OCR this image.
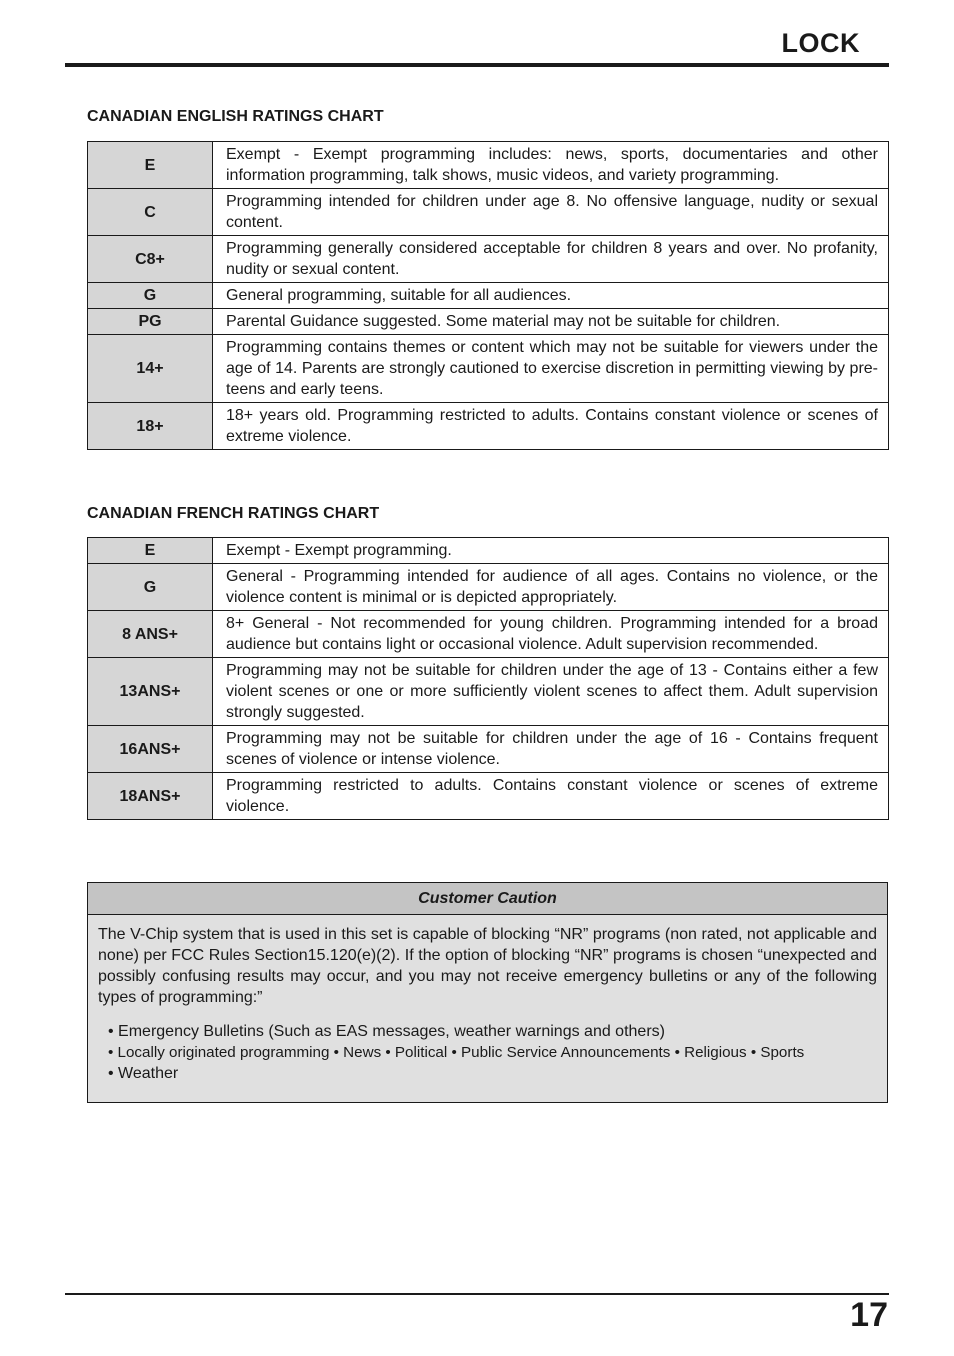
LOCK
CANADIAN ENGLISH RATINGS CHART
E	Exempt - Exempt programming includes: news, sports, documentaries and other information programming, talk shows, music videos, and variety programming.
C	Programming intended for children under age 8. No offensive language, nudity or sexual content.
C8+	Programming generally considered acceptable for children 8 years and over. No profanity, nudity or sexual content.
G	General programming, suitable for all audiences.
PG	Parental Guidance suggested. Some material may not be suitable for children.
14+	Programming contains themes or content which may not be suitable for viewers under the age of 14. Parents are strongly cautioned to exercise discretion in permitting viewing by pre-teens and early teens.
18+	18+ years old. Programming restricted to adults. Contains constant violence or scenes of extreme violence.
CANADIAN FRENCH RATINGS CHART
E	Exempt - Exempt programming.
G	General - Programming intended for audience of all ages. Contains no violence, or the violence content is minimal or is depicted appropriately.
8 ANS+	8+ General - Not recommended for young children. Programming intended for a broad audience but contains light or occasional violence. Adult supervision recommended.
13ANS+	Programming may not be suitable for children under the age of 13 - Contains either a few violent scenes or one or more sufficiently violent scenes to affect them. Adult supervision strongly suggested.
16ANS+	Programming may not be suitable for children under the age of 16 - Contains frequent scenes of violence or intense violence.
18ANS+	Programming restricted to adults. Contains constant violence or scenes of extreme violence.
Customer Caution
The V-Chip system that is used in this set is capable of blocking “NR” programs (non rated, not applicable and none) per FCC Rules Section15.120(e)(2). If the option of blocking “NR” programs is chosen “unexpected and possibly confusing results may occur, and you may not receive emergency bulletins or any of the following types of programming:”
• Emergency Bulletins (Such as EAS messages, weather warnings and others)
• Locally originated programming • News • Political • Public Service Announcements • Religious • Sports
• Weather
17
